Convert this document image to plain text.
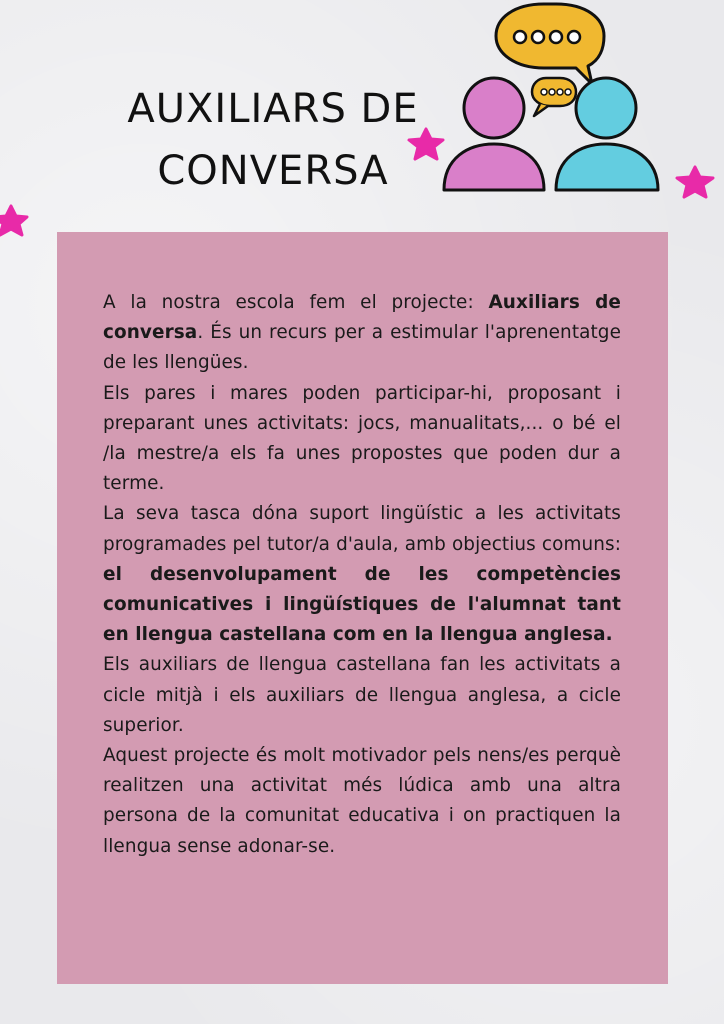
AUXILIARS DE
CONVERSA

A la nostra escola fem el projecte: Auxiliars de conversa. És un recurs per a estimular l'aprenentatge de les llengües.

Els pares i mares poden participar-hi, proposant i preparant unes activitats: jocs, manualitats,... o bé el /la mestre/a els fa unes propostes que poden dur a terme.

La seva tasca dóna suport lingüístic a les activitats programades pel tutor/a d'aula, amb objectius comuns: el desenvolupament de les competències comunicatives i lingüístiques de l'alumnat tant en llengua castellana com en la llengua anglesa.

Els auxiliars de llengua castellana fan les activitats a cicle mitjà i els auxiliars de llengua anglesa, a cicle superior.

Aquest projecte és molt motivador pels nens/es perquè realitzen una activitat més lúdica amb una altra persona de la comunitat educativa i on practiquen la llengua sense adonar-se.
